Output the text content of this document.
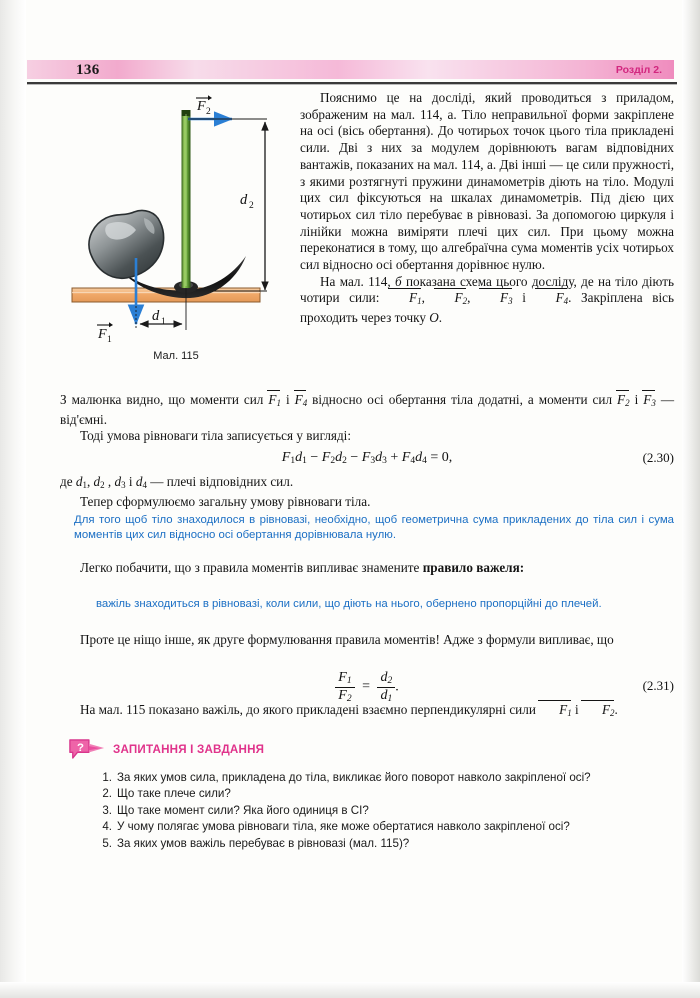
136	Розділ 2.
F 2
F 1
d 2
d 1
Мал. 115

Пояснимо це на досліді, який проводиться з приладом, зображеним на мал. 114, а. Тіло неправильної форми закріплене на осі (вісь обертання). До чотирьох точок цього тіла прикладені сили. Дві з них за модулем дорівнюють вагам відповідних вантажів, показаних на мал. 114, а. Дві інші — це сили пружності, з якими розтягнуті пружини динамометрів діють на тіло. Модулі цих сил фіксуються на шкалах динамометрів. Під дією цих чотирьох сил тіло перебуває в рівновазі. За допомогою циркуля і лінійки можна виміряти плечі цих сил. При цьому можна переконатися в тому, що алгебраїчна сума моментів усіх чотирьох сил відносно осі обертання дорівнює нулю.

На мал. 114, б показана схема цього досліду, де на тіло діють чотири сили: $F_1$, $F_2$, $F_3$ і $F_4$. Закріплена вісь проходить через точку O.

З малюнка видно, що моменти сил $F_1$ і $F_4$ відносно осі обертання тіла додатні, а моменти сил $F_2$ і $F_3$ — від'ємні.

Тоді умова рівноваги тіла записується у вигляді:

$F_1d_1 - F_2d_2 - F_3d_3 + F_4d_4 = 0$,	(2.30)

де $d_1$, $d_2$ , $d_3$ і $d_4$ — плечі відповідних сил.

Тепер сформулюємо загальну умову рівноваги тіла.

Для того щоб тіло знаходилося в рівновазі, необхідно, щоб геометрична сума прикладених до тіла сил і сума моментів цих сил відносно осі обертання дорівнювала нулю.

Легко побачити, що з правила моментів випливає знамените правило важеля:

важіль знаходиться в рівновазі, коли сили, що діють на нього, обернено пропорційні до плечей.

Проте це ніщо інше, як друге формулювання правила моментів! Адже з формули випливає, що

$\frac{F_1}{F_2} = \frac{d_2}{d_1}$ .	(2.31)

На мал. 115 показано важіль, до якого прикладені взаємно перпендикулярні сили $F_1$ і $F_2$.

?	ЗАПИТАННЯ І ЗАВДАННЯ
1. За яких умов сила, прикладена до тіла, викликає його поворот навколо закріпленої осі?
2. Що таке плече сили?
3. Що таке момент сили? Яка його одиниця в СІ?
4. У чому полягає умова рівноваги тіла, яке може обертатися навколо закріпленої осі?
5. За яких умов важіль перебуває в рівновазі (мал. 115)?
